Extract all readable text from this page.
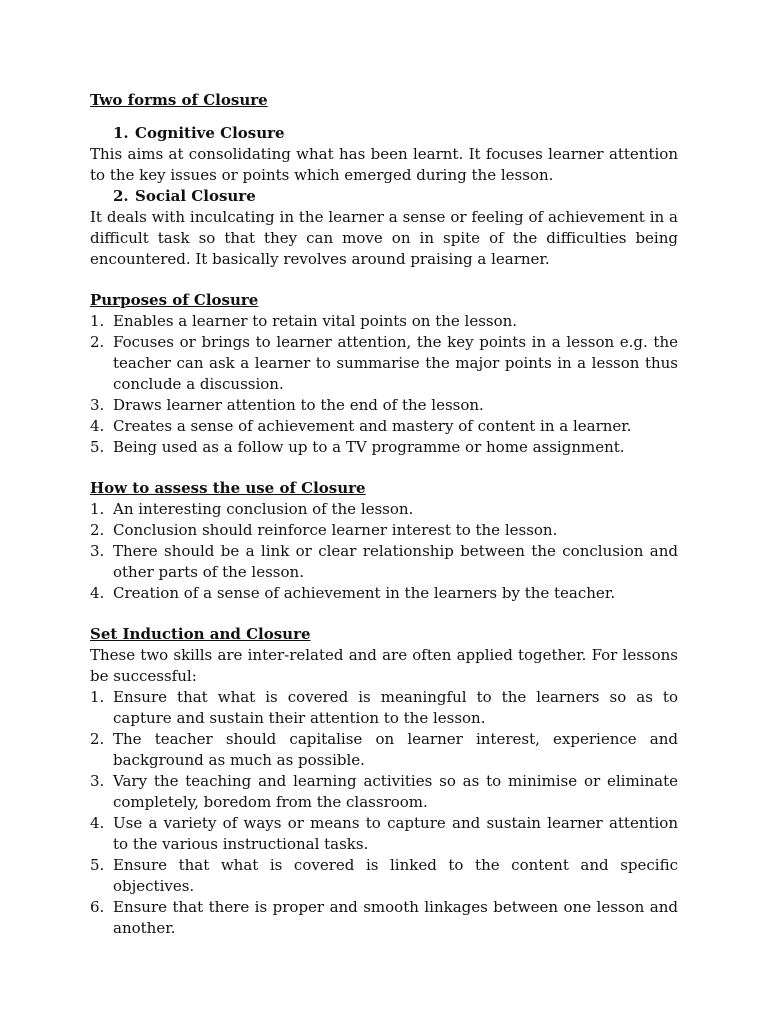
Two forms of Closure
1. Cognitive Closure

This aims at consolidating what has been learnt. It focuses learner attention to the key issues or points which emerged during the lesson.

2. Social Closure

It deals with inculcating in the learner a sense or feeling of achievement in a difficult task so that they can move on in spite of the difficulties being encountered. It basically revolves around praising a learner.

Purposes of Closure
1. Enables a learner to retain vital points on the lesson.
2. Focuses or brings to learner attention, the key points in a lesson e.g. the teacher can ask a learner to summarise the major points in a lesson thus conclude a discussion.
3. Draws learner attention to the end of the lesson.
4. Creates a sense of achievement and mastery of content in a learner.
5. Being used as a follow up to a TV programme or home assignment.
How to assess the use of Closure
1. An interesting conclusion of the lesson.
2. Conclusion should reinforce learner interest to the lesson.
3. There should be a link or clear relationship between the conclusion and other parts of the lesson.
4. Creation of a sense of achievement in the learners by the teacher.
Set Induction and Closure

These two skills are inter-related and are often applied together. For lessons be successful:

1. Ensure that what is covered is meaningful to the learners so as to capture and sustain their attention to the lesson.
2. The teacher should capitalise on learner interest, experience and background as much as possible.
3. Vary the teaching and learning activities so as to minimise or eliminate completely, boredom from the classroom.
4. Use a variety of ways or means to capture and sustain learner attention to the various instructional tasks.
5. Ensure that what is covered is linked to the content and specific objectives.
6. Ensure that there is proper and smooth linkages between one lesson and another.
